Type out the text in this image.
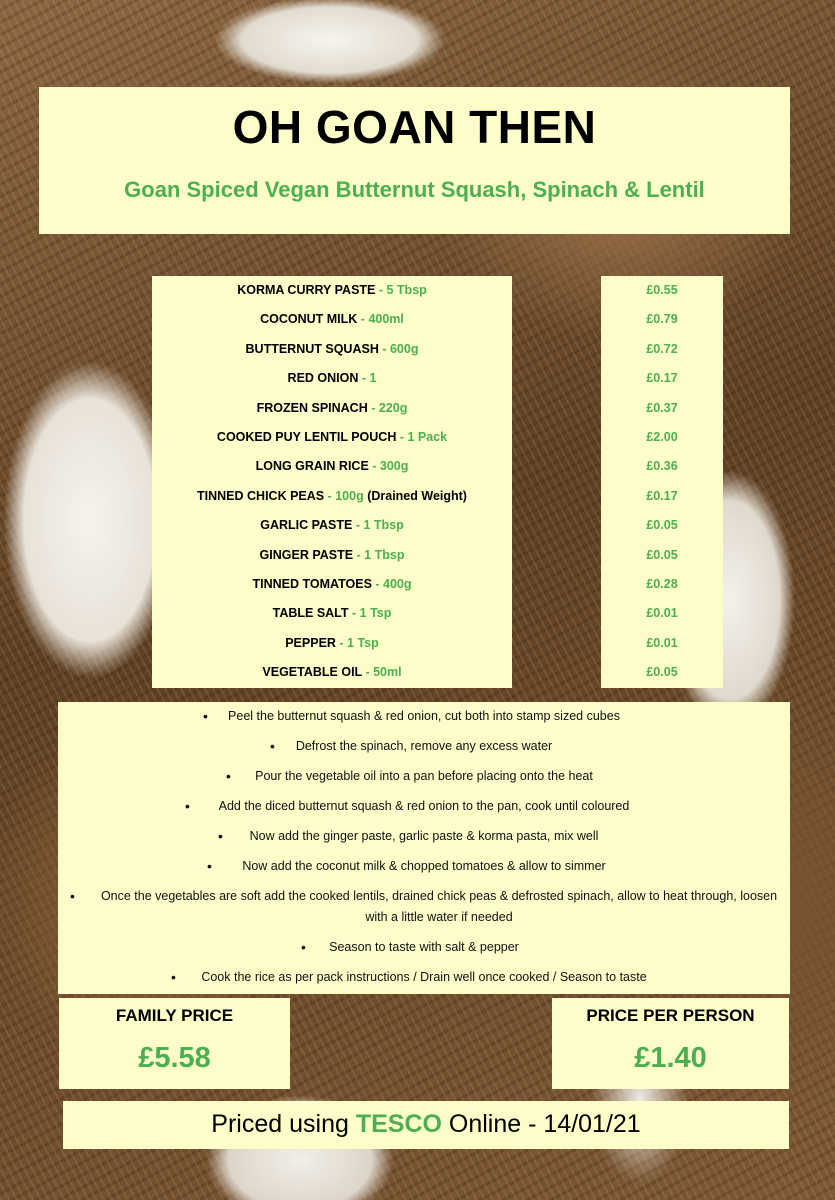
OH GOAN THEN
Goan Spiced Vegan Butternut Squash, Spinach & Lentil
KORMA CURRY PASTE - 5 Tbsp
COCONUT MILK - 400ml
BUTTERNUT SQUASH - 600g
RED ONION - 1
FROZEN SPINACH - 220g
COOKED PUY LENTIL POUCH - 1 Pack
LONG GRAIN RICE - 300g
TINNED CHICK PEAS - 100g (Drained Weight)
GARLIC PASTE - 1 Tbsp
GINGER PASTE - 1 Tbsp
TINNED TOMATOES - 400g
TABLE SALT - 1 Tsp
PEPPER - 1 Tsp
VEGETABLE OIL - 50ml
£0.55
£0.79
£0.72
£0.17
£0.37
£2.00
£0.36
£0.17
£0.05
£0.05
£0.28
£0.01
£0.01
£0.05
• Peel the butternut squash & red onion, cut both into stamp sized cubes
• Defrost the spinach, remove any excess water
• Pour the vegetable oil into a pan before placing onto the heat
• Add the diced butternut squash & red onion to the pan, cook until coloured
• Now add the ginger paste, garlic paste & korma pasta, mix well
• Now add the coconut milk & chopped tomatoes & allow to simmer
• Once the vegetables are soft add the cooked lentils, drained chick peas & defrosted spinach, allow to heat through, loosen with a little water if needed
• Season to taste with salt & pepper
• Cook the rice as per pack instructions / Drain well once cooked / Season to taste
FAMILY PRICE
£5.58
PRICE PER PERSON
£1.40
Priced using TESCO Online - 14/01/21
